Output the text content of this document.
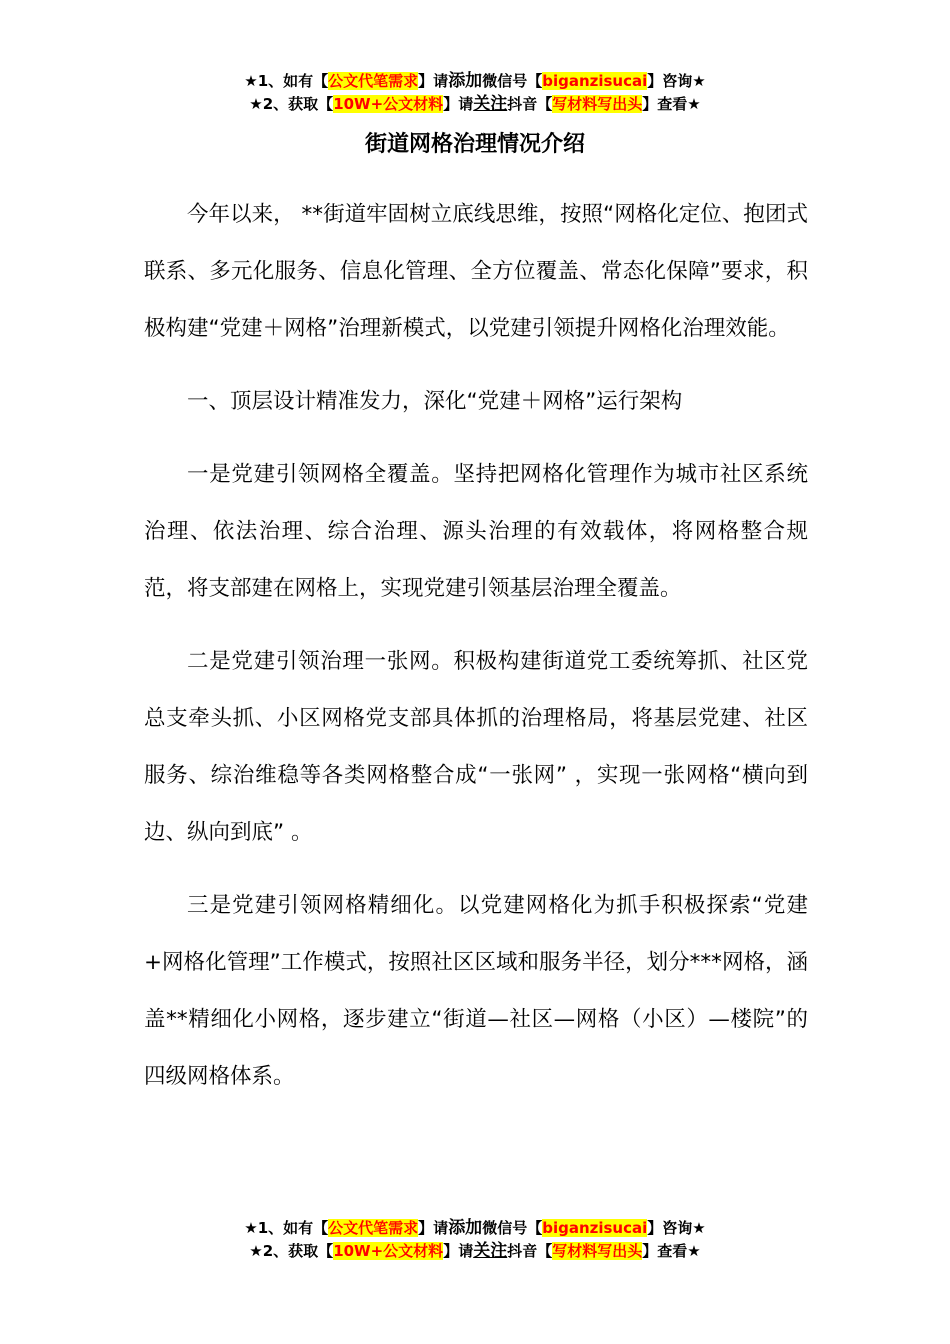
★1、如有【公文代笔需求】请添加微信号【biganzisucai】咨询★
★2、获取【10W+公文材料】请关注抖音【写材料写出头】查看★
街道网格治理情况介绍

今年以来， **街道牢固树立底线思维，按照“网格化定位、抱团式联系、多元化服务、信息化管理、全方位覆盖、常态化保障”要求，积极构建“党建＋网格”治理新模式，以党建引领提升网格化治理效能。

一、顶层设计精准发力，深化“党建＋网格”运行架构

一是党建引领网格全覆盖。坚持把网格化管理作为城市社区系统治理、依法治理、综合治理、源头治理的有效载体，将网格整合规范，将支部建在网格上，实现党建引领基层治理全覆盖。

二是党建引领治理一张网。积极构建街道党工委统筹抓、社区党总支牵头抓、小区网格党支部具体抓的治理格局，将基层党建、社区服务、综治维稳等各类网格整合成“一张网” ，实现一张网格“横向到边、纵向到底” 。

三是党建引领网格精细化。以党建网格化为抓手积极探索“党建+网格化管理”工作模式，按照社区区域和服务半径，划分***网格，涵盖**精细化小网格，逐步建立“街道—社区—网格（小区）—楼院”的四级网格体系。

★1、如有【公文代笔需求】请添加微信号【biganzisucai】咨询★
★2、获取【10W+公文材料】请关注抖音【写材料写出头】查看★
